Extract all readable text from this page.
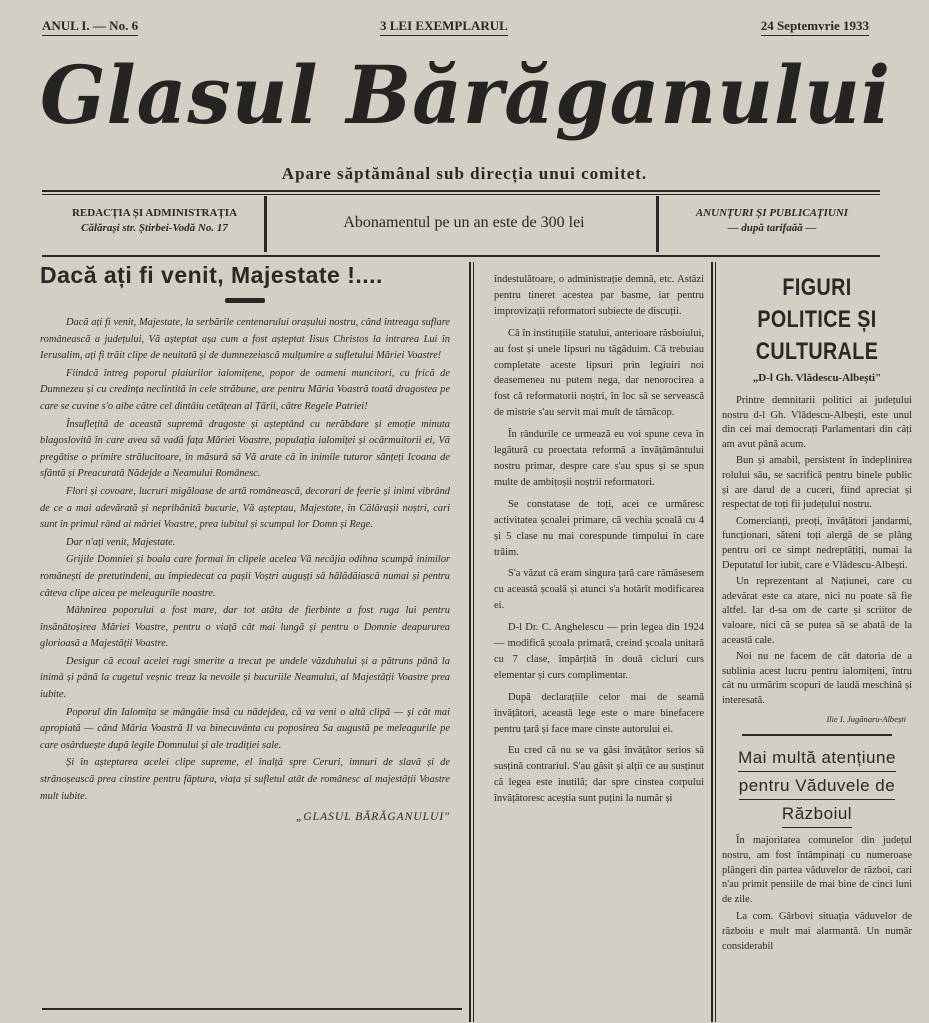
ANUL I. — No. 6	3 LEI EXEMPLARUL	24 Septemvrie 1933
Glasul Bărăganului
Apare săptămânal sub direcția unui comitet.
REDACȚIA ȘI ADMINISTRAȚIA
Călărași str. Știrbei-Vodă No. 17	Abonamentul pe un an este de 300 lei
ANUNȚURI ȘI PUBLICAȚIUNI
— după tarifaăă —
Dacă ați fi venit, Majestate !....

Dacă ați fi venit, Majestate, la serbările centenarului orașului nostru, când întreaga suflare românească a județului, Vă așteptat așa cum a fost așteptat Iisus Christos la intrarea Lui în Ierusalim, ați fi trăit clipe de neuitată și de dumnezeiască mulțumire a sufletului Măriei Voastre!

Fiindcă întreg poporul plaiurilor ialomițene, popor de oameni muncitori, cu frică de Dumnezeu și cu credința neclintită în cele străbune, are pentru Măria Voastră toată dragostea pe care se cuvine s'o aibe către cel dintâiu cetățean al Țării, către Regele Patriei!

Însuflețită de această supremă dragoste și așteptând cu nerăbdare și emoție minuta blagoslovită în care avea să vadă fața Măriei Voastre, populația ialomiței și ocârmuitorii ei, Vă pregătise o primire strălucitoare, în măsură să Vă arate că în inimile tuturor sănțeți Icoana de sfântă și Preacurată Nădejde a Neamului Românesc.

Flori și covoare, lucruri migăloase de artă românească, decorari de feerie și inimi vibrând de ce a mai adevărată și neprihănită bucurie, Vă așteptau, Majestate, în Călărașii noștri, cari sunt în primul rând ai măriei Voastre, prea iubitul și scumpul lor Domn și Rege.

Dar n'ați venit, Majestate.

Grijile Domniei și boala care formai în clipele acelea Vă necăjia odihna scumpă inimilor românești de pretutindeni, au împiedecat ca pașii Voștri augușți să hălădăiască numai și pentru câteva clipe aicea pe meleagurile noastre.

Mâhnirea poporului a fost mare, dar tot atâta de fierbinte a fost ruga lui pentru însănătoșirea Măriei Voastre, pentru o viață cât mai lungă și pentru o Domnie deapururea glorioasă a Majestății Voastre.

Desigur că ecoul acelei rugi smerite a trecut pe undele văzduhului și a pătruns până la inimă și până la cugetul veșnic treaz la nevoile și bucuriile Neamului, al Majestății Voastre prea iubite.

Poporul din Ialomița se mângâie însă cu nădejdea, că va veni o altă clipă — și cât mai apropiată — când Măria Voastră Il va binecuvânta cu poposirea Sa augustă pe meleagurile pe care osârduește după legile Domnului și ale tradiției sale.

Și în așteptarea acelei clipe supreme, el înalță spre Ceruri, imnuri de slavă și de strănoșească prea cinstire pentru făptura, viața și sufletul atât de românesc al majestății Voastre mult iubite.

„GLASUL BĂRĂGANULUI"

îndestulătoare, o administrație demnă, etc. Astăzi pentru tineret acestea par basme, iar pentru improvizații reformatori subiecte de discuții.

Că în instituțiile statului, anterioare răsboiului, au fost și unele lipsuri nu tăgăduim. Că trebuiau completate aceste lipsuri prin legiuiri noi deasemenea nu putem nega, dar nenorocirea a fost că reformatorii noștri, în loc să se servească de mistrie s'au servit mai mult de târnăcop.

În rândurile ce urmează eu voi spune ceva în legătură cu proectata reformă a învățământului nostru primar, despre care s'au spus și se spun multe de ambițoșii noștrii reformatori.

Se constatase de toți, acei ce urmăresc activitatea școalei primare, că vechia școală cu 4 și 5 clase nu mai corespunde timpului în care trăim.

S'a văzut că eram singura țară care rămăsesem cu această școală și atunci s'a hotărît modificarea ei.

D-l Dr. C. Anghelescu — prin legea din 1924 — modifică școala primară, creind școala unitară cu 7 clase, împărțită în două cicluri curs elementar și curs complimentar.

După declarațiile celor mai de seamă învățători, această lege este o mare binefacere pentru țară și face mare cinste autorului ei.

Eu cred că nu se va găsi învățător serios să susțină contrariul. S'au găsit și alții ce au susținut că legea este inutilă; dar spre cinstea corpului învățătoresc aceștia sunt puțini la număr și

FIGURI POLITICE ȘI
CULTURALE
„D-l Gh. Vlădescu-Albești"

Printre demnitarii politici ai județului nostru d-l Gh. Vlădescu-Albești, este unul din cei mai democrați Parlamentari din câți am avut până acum.

Bun și amabil, persistent în îndeplinirea rolului său, se sacrifică pentru binele public și are darul de a cuceri, fiind apreciat și respectat de toți fii județului nostru.

Comercianți, preoți, învățători jandarmi, funcționari, săteni toți alergă de se plâng pentru ori ce simpt nedreptățiți, numai la Deputatul lor iubit, care e Vlădescu-Albești.

Un reprezentant al Națiunei, care cu adevărat este ca atare, nici nu poate să fie altfel. Iar d-sa om de carte și scriitor de valoare, nici că se putea să se abată de la această cale.

Noi nu ne facem de cât datoria de a sublinia acest lucru pentru ialomițeni, întru cât nu urmărim scopuri de laudă meschină și interesată.

Ilie I. Jugănaru-Albești
Mai multă atențiune
pentru Văduvele de
Războiul

În majoritatea comunelor din județul nostru, am fost întâmpinați cu numeroase plângeri din partea văduvelor de război, cari n'au primit pensiile de mai bine de cinci luni de zile.

La com. Gârbovi situația văduvelor de războiu e mult mai alarmantă. Un număr considerabil
